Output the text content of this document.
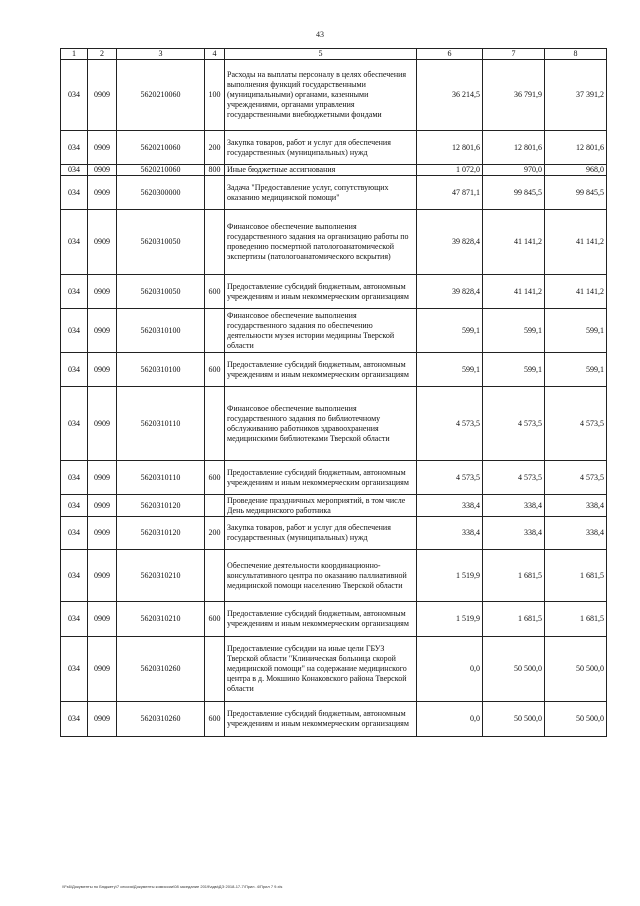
43
1	2	3	4	5	6	7	8
034	0909	5620210060	100	Расходы на выплаты персоналу в целях обеспечения выполнения функций государственными (муниципальными) органами, казенными учреждениями, органами управления государственными внебюджетными фондами	36 214,5	36 791,9	37 391,2
034	0909	5620210060	200	Закупка товаров, работ и услуг для обеспечения государственных (муниципальных) нужд	12 801,6	12 801,6	12 801,6
034	0909	5620210060	800	Иные бюджетные ассигнования	1 072,0	970,0	968,0
034	0909	5620300000		Задача "Предоставление услуг, сопутствующих оказанию медицинской помощи"	47 871,1	99 845,5	99 845,5
034	0909	5620310050		Финансовое обеспечение выполнения государственного задания на организацию работы по проведению посмертной патологоанатомической экспертизы (патологоанатомического вскрытия)	39 828,4	41 141,2	41 141,2
034	0909	5620310050	600	Предоставление субсидий бюджетным, автономным учреждениям и иным некоммерческим организациям	39 828,4	41 141,2	41 141,2
034	0909	5620310100		Финансовое обеспечение выполнения государственного задания по обеспечению деятельности музея истории медицины Тверской области	599,1	599,1	599,1
034	0909	5620310100	600	Предоставление субсидий бюджетным, автономным учреждениям и иным некоммерческим организациям	599,1	599,1	599,1
034	0909	5620310110		Финансовое обеспечение выполнения государственного задания по библиотечному обслуживанию работников здравоохранения медицинскими библиотеками Тверской области	4 573,5	4 573,5	4 573,5
034	0909	5620310110	600	Предоставление субсидий бюджетным, автономным учреждениям и иным некоммерческим организациям	4 573,5	4 573,5	4 573,5
034	0909	5620310120		Проведение праздничных мероприятий, в том числе День медицинского работника	338,4	338,4	338,4
034	0909	5620310120	200	Закупка товаров, работ и услуг для обеспечения государственных (муниципальных) нужд	338,4	338,4	338,4
034	0909	5620310210		Обеспечение деятельности координационно-консультативного центра по оказанию паллиативной медицинской помощи населению Тверской области	1 519,9	1 681,5	1 681,5
034	0909	5620310210	600	Предоставление субсидий бюджетным, автономным учреждениям и иным некоммерческим организациям	1 519,9	1 681,5	1 681,5
034	0909	5620310260		Предоставление субсидии на иные цели ГБУЗ Тверской области "Клиническая больница скорой медицинской помощи" на содержание медицинского центра в д. Мокшино Конаковского района Тверской области	0,0	50 500,0	50 500,0
034	0909	5620310260	600	Предоставление субсидий бюджетным, автономным учреждениям и иным некоммерческим организациям	0,0	50 500,0	50 500,0
\\Fs6\Документы по Бюджету\7 сессия\Документы комиссии\08 заседание 2019\адм\ДЭ 2018-17-7\Прил. 4\Прил 7 9.xls
